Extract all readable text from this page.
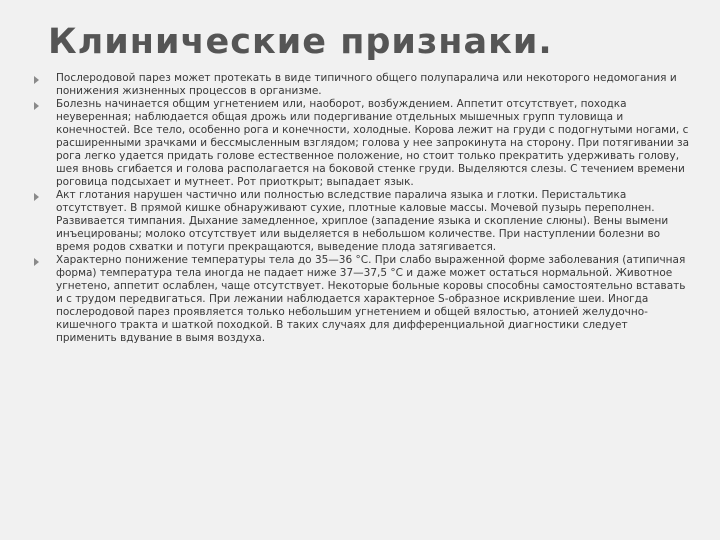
Клинические признаки.
Послеродовой парез может протекать в виде типичного общего полупаралича или некоторого недомогания и понижения жизненных процессов в организме.
Болезнь начинается общим угнетением или, наоборот, возбуждением. Аппетит отсутствует, походка неуверенная; наблюдается общая дрожь или подергивание отдельных мышечных групп туловища и конечностей. Все тело, особенно рога и конечности, холодные. Корова лежит на груди с подогнутыми ногами, с расширенными зрачками и бессмысленным взглядом; голова у нее запрокинута на сторону. При потягивании за рога легко удается придать голове естественное положение, но стоит только прекратить удерживать голову, шея вновь сгибается и голова располагается на боковой стенке груди. Выделяются слезы. С течением времени роговица подсыхает и мутнеет. Рот приоткрыт; выпадает язык.
Акт глотания нарушен частично или полностью вследствие паралича языка и глотки. Перистальтика отсутствует. В прямой кишке обнаруживают сухие, плотные каловые массы. Мочевой пузырь переполнен. Развивается тимпания. Дыхание замедленное, хриплое (западение языка и скопление слюны). Вены вымени инъецированы; молоко отсутствует или выделяется в небольшом количестве. При наступлении болезни во время родов схватки и потуги прекращаются, выведение плода затягивается.
Характерно понижение температуры тела до 35—36 °С. При слабо выраженной форме заболевания (атипичная форма) температура тела иногда не падает ниже 37—37,5 °С и даже может остаться нормальной. Животное угнетено, аппетит ослаблен, чаще отсутствует. Некоторые больные коровы способны самостоятельно вставать и с трудом передвигаться. При лежании наблюдается характерное S-образное искривление шеи. Иногда послеродовой парез проявляется только небольшим угнетением и общей вялостью, атонией желудочно-кишечного тракта и шаткой походкой. В таких случаях для дифференциальной диагностики следует применить вдувание в вымя воздуха.
